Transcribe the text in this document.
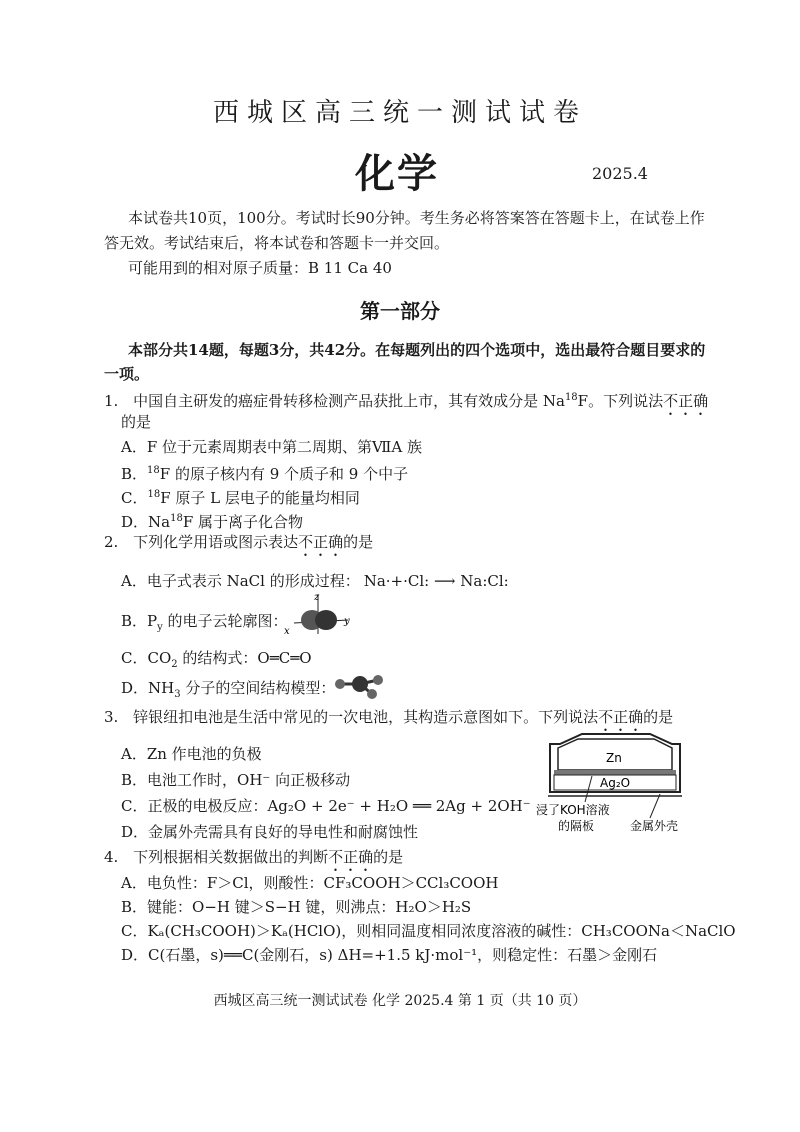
西城区高三统一测试试卷
化学	2025.4
本试卷共10页，100分。考试时长90分钟。考生务必将答案答在答题卡上，在试卷上作
答无效。考试结束后，将本试卷和答题卡一并交回。
可能用到的相对原子质量：B 11 Ca 40
第一部分
本部分共14题，每题3分，共42分。在每题列出的四个选项中，选出最符合题目要求的
一项。
1. 中国自主研发的癌症骨转移检测产品获批上市，其有效成分是 Na$^{18}$F。下列说法不正确
的是
A．F 位于元素周期表中第二周期、第ⅦA 族
B．$^{18}$F 的原子核内有 9 个质子和 9 个中子
C．$^{18}$F 原子 L 层电子的能量均相同
D．Na$^{18}$F 属于离子化合物
2. 下列化学用语或图示表达不正确的是
A．电子式表示 NaCl 的形成过程： Na·+·Cl: ⟶ Na:Cl:
B．$P_y$ 的电子云轮廓图：
z
y
x
C．$CO_2$ 的结构式：O═C═O
D．$NH_3$ 分子的空间结构模型：
3. 锌银纽扣电池是生活中常见的一次电池，其构造示意图如下。下列说法不正确的是
A．Zn 作电池的负极
B．电池工作时，OH⁻ 向正极移动
C．正极的电极反应：Ag₂O + 2e⁻ + H₂O ══ 2Ag + 2OH⁻
D．金属外壳需具有良好的导电性和耐腐蚀性
Zn
Ag₂O
浸了KOH溶液
的隔板	金属外壳
4. 下列根据相关数据做出的判断不正确的是
A．电负性：F＞Cl，则酸性：CF₃COOH＞CCl₃COOH
B．键能：O−H 键＞S−H 键，则沸点：H₂O＞H₂S
C．Kₐ(CH₃COOH)＞Kₐ(HClO)，则相同温度相同浓度溶液的碱性：CH₃COONa＜NaClO
D．C(石墨，s)══C(金刚石，s) ΔH=+1.5 kJ·mol⁻¹，则稳定性：石墨＞金刚石
西城区高三统一测试试卷 化学 2025.4 第 1 页（共 10 页）
